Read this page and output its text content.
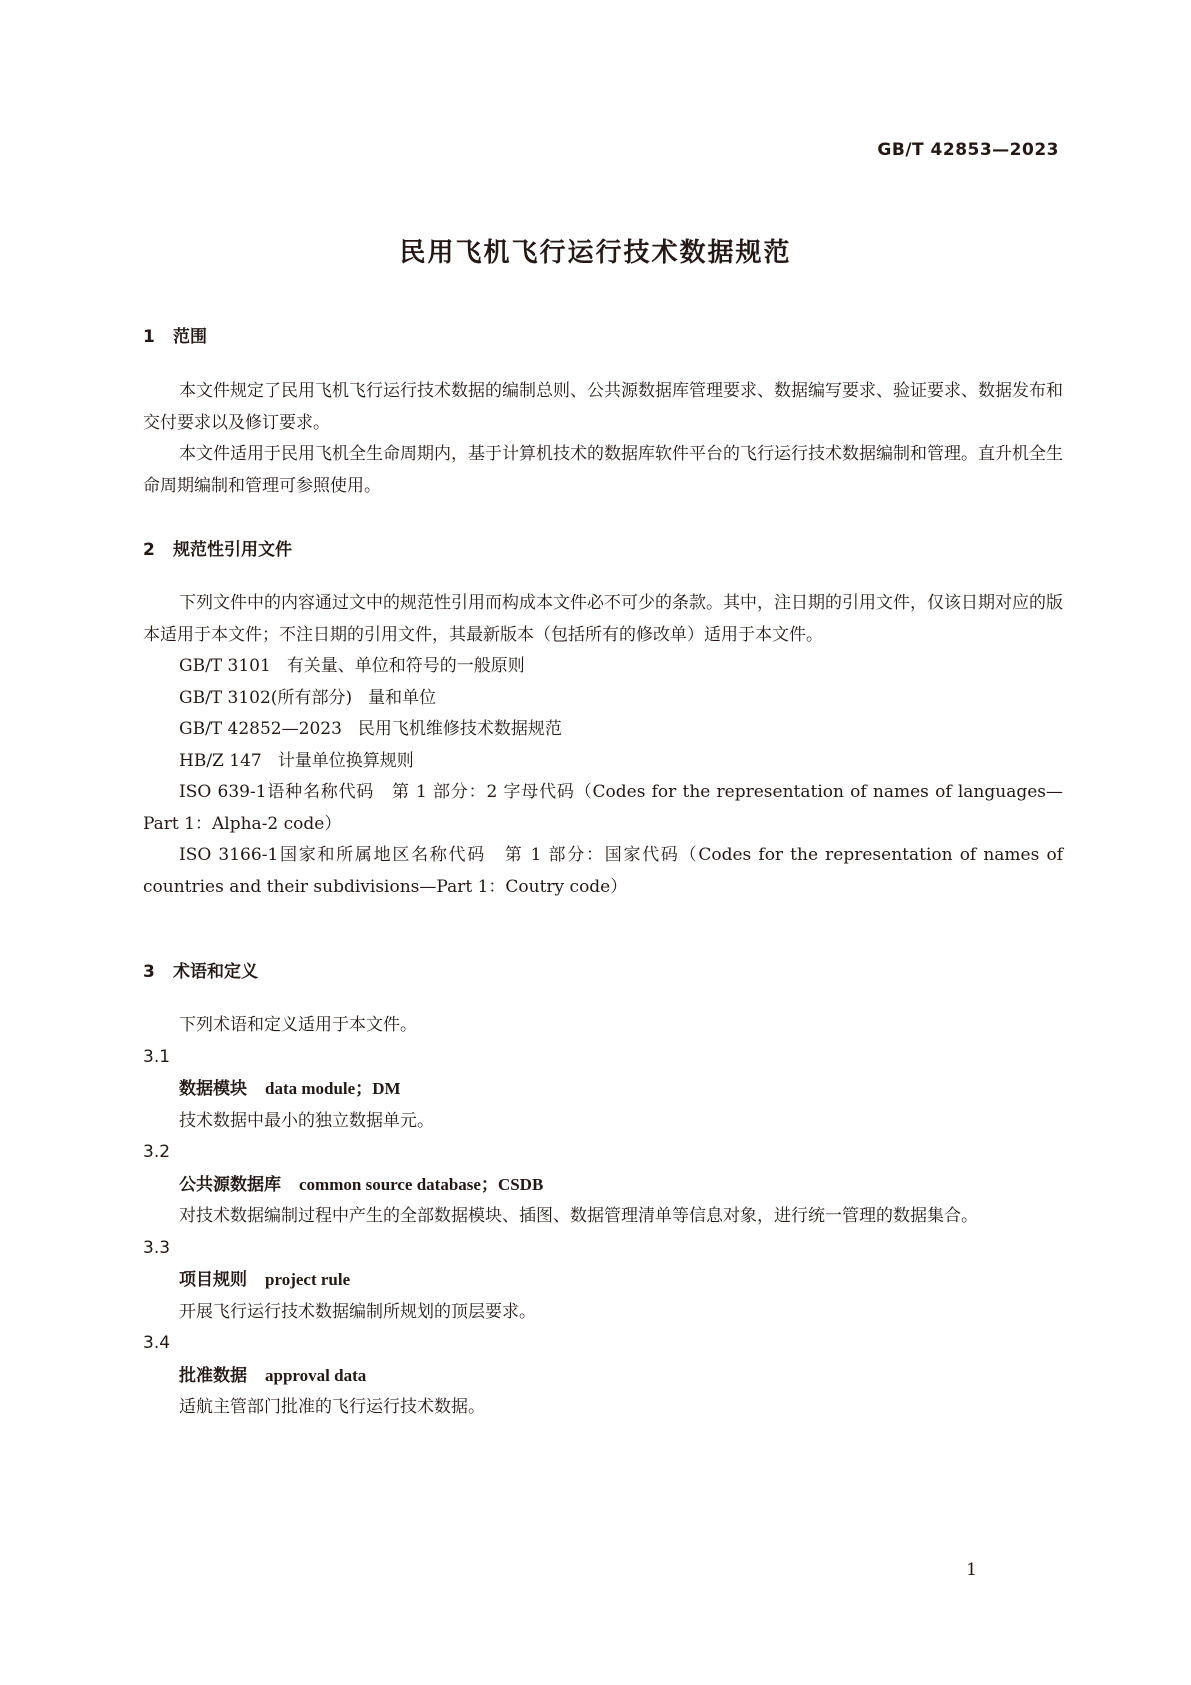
GB/T 42853—2023
民用飞机飞行运行技术数据规范
1 范围

本文件规定了民用飞机飞行运行技术数据的编制总则、公共源数据库管理要求、数据编写要求、验证要求、数据发布和交付要求以及修订要求。

本文件适用于民用飞机全生命周期内，基于计算机技术的数据库软件平台的飞行运行技术数据编制和管理。直升机全生命周期编制和管理可参照使用。

2 规范性引用文件

下列文件中的内容通过文中的规范性引用而构成本文件必不可少的条款。其中，注日期的引用文件，仅该日期对应的版本适用于本文件；不注日期的引用文件，其最新版本（包括所有的修改单）适用于本文件。

GB/T 3101 有关量、单位和符号的一般原则

GB/T 3102(所有部分) 量和单位

GB/T 42852—2023 民用飞机维修技术数据规范

HB/Z 147 计量单位换算规则

ISO 639-1语种名称代码　第 1 部分：2 字母代码（Codes for the representation of names of languages—Part 1：Alpha-2 code）

ISO 3166-1国家和所属地区名称代码　第 1 部分：国家代码（Codes for the representation of names of countries and their subdivisions—Part 1：Coutry code）

3 术语和定义

下列术语和定义适用于本文件。

3.1

数据模块 data module；DM

技术数据中最小的独立数据单元。

3.2

公共源数据库 common source database；CSDB

对技术数据编制过程中产生的全部数据模块、插图、数据管理清单等信息对象，进行统一管理的数据集合。

3.3

项目规则 project rule

开展飞行运行技术数据编制所规划的顶层要求。

3.4

批准数据 approval data

适航主管部门批准的飞行运行技术数据。

1
